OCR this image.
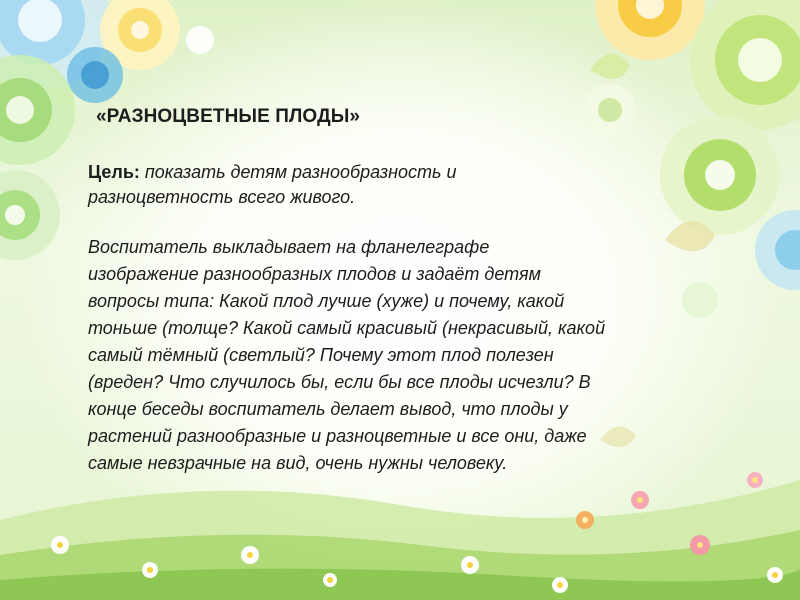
«РАЗНОЦВЕТНЫЕ ПЛОДЫ»

Цель: показать детям разнообразность и
разноцветность всего живого.

Воспитатель выкладывает на фланелеграфе
изображение разнообразных плодов и задаёт детям
вопросы типа: Какой плод лучше (хуже) и почему, какой
тоньше (толще? Какой самый красивый (некрасивый, какой
самый тёмный (светлый? Почему этот плод полезен
(вреден? Что случилось бы, если бы все плоды исчезли? В
конце беседы воспитатель делает вывод, что плоды у
растений разнообразные и разноцветные и все они, даже
самые невзрачные на вид, очень нужны человеку.
